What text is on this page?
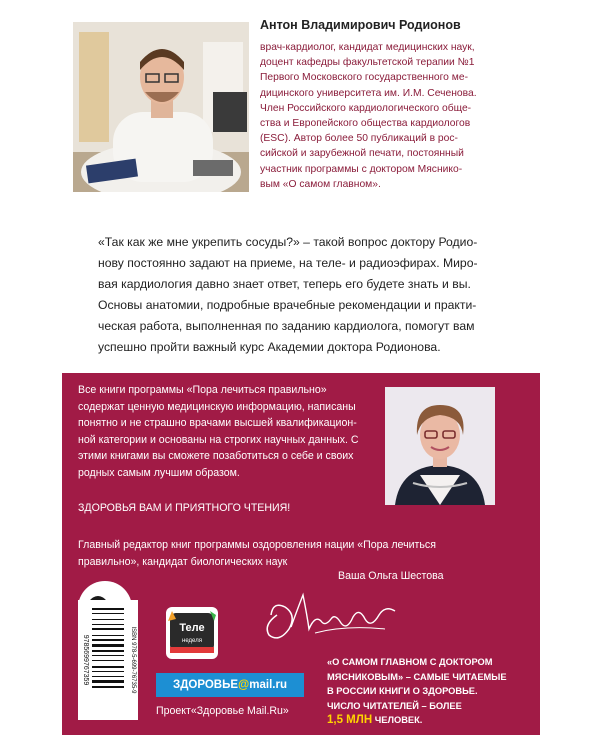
Антон Владимирович Родионов
врач-кардиолог, кандидат медицинских наук,
доцент кафедры факультетской терапии №1
Первого Московского государственного ме-
дицинского университета им. И.М. Сеченова.
Член Российского кардиологического обще-
ства и Европейского общества кардиологов
(ESC). Автор более 50 публикаций в рос-
сийской и зарубежной печати, постоянный
участник программы с доктором Мяснико-
вым «О самом главном».
«Так как же мне укрепить сосуды?» – такой вопрос доктору Родио-
нову постоянно задают на приеме, на теле- и радиоэфирах. Миро-
вая кардиология давно знает ответ, теперь его будете знать и вы.
Основы анатомии, подробные врачебные рекомендации и практи-
ческая работа, выполненная по заданию кардиолога, помогут вам
успешно пройти важный курс Академии доктора Родионова.
Все книги программы «Пора лечиться правильно»
содержат ценную медицинскую информацию, написаны
понятно и не страшно врачами высшей квалификацион-
ной категории и основаны на строгих научных данных. С
этими книгами вы сможете позаботиться о себе и своих
родных самым лучшим образом.
ЗДОРОВЬЯ ВАМ И ПРИЯТНОГО ЧТЕНИЯ!
Главный редактор книг программы оздоровления нации «Пора лечиться
правильно», кандидат биологических наук
Ваша Ольга Шестова
9785699767359	ISBN 978-5-699-76735-9	Теле
неделя
ЗДОРОВЬЕ@mail.ru
Проект«Здоровье Mail.Ru»
«О САМОМ ГЛАВНОМ С ДОКТОРОМ
МЯСНИКОВЫМ» – САМЫЕ ЧИТАЕМЫЕ
В РОССИИ КНИГИ О ЗДОРОВЬЕ.
ЧИСЛО ЧИТАТЕЛЕЙ – БОЛЕЕ
1,5 МЛН ЧЕЛОВЕК.
